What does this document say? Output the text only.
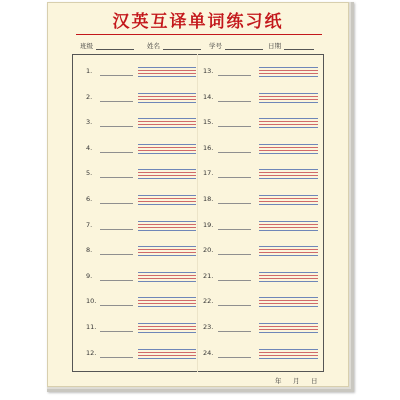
汉英互译单词练习纸
班级	姓名	学号	日期
1.
2.
3.
4.
5.
6.
7.
8.
9.
10.
11.
12.
13.
14.
15.
16.
17.
18.
19.
20.
21.
22.
23.
24.
年 月 日
